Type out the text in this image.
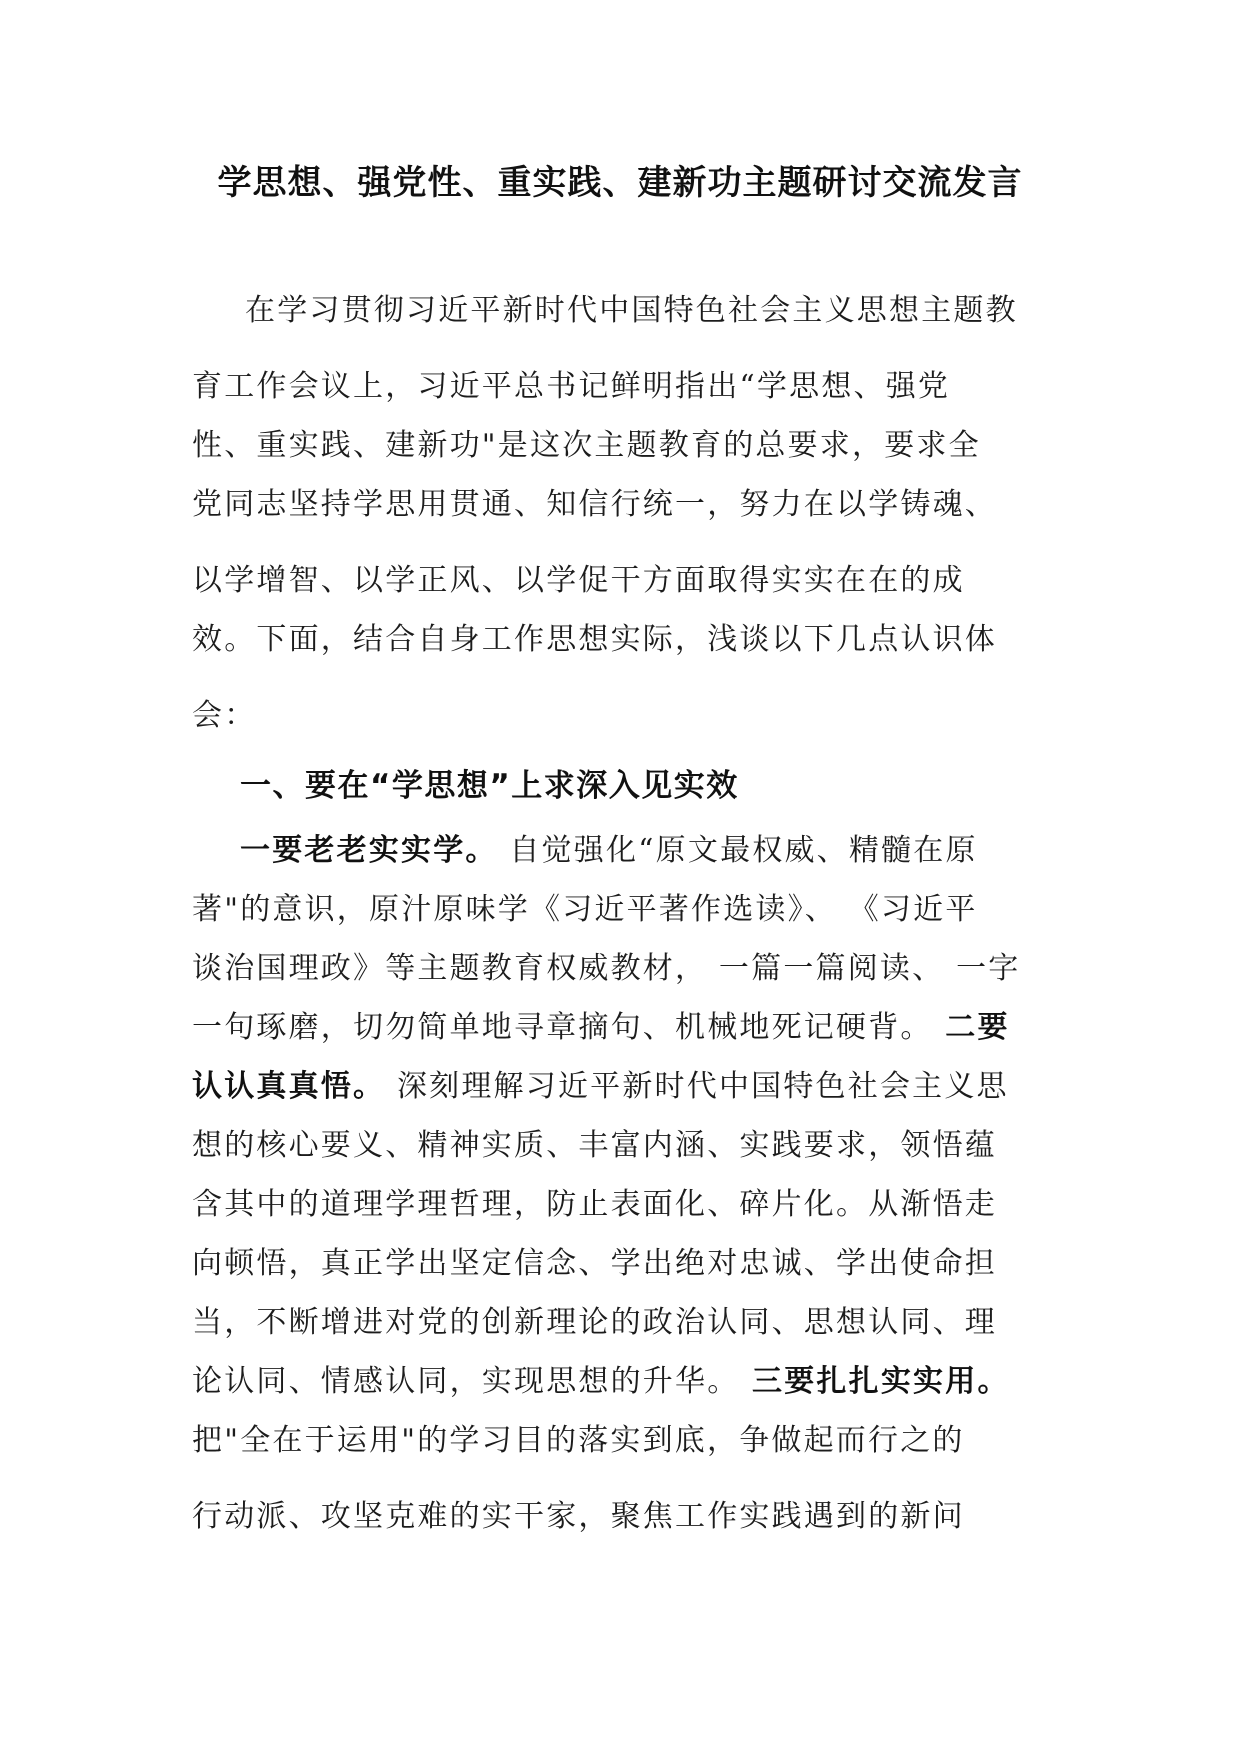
学思想、强党性、重实践、建新功主题研讨交流发言
在学习贯彻习近平新时代中国特色社会主义思想主题教
育工作会议上，习近平总书记鲜明指出“学思想、强党
性、重实践、建新功"是这次主题教育的总要求，要求全
党同志坚持学思用贯通、知信行统一，努力在以学铸魂、
以学增智、以学正风、以学促干方面取得实实在在的成
效。下面，结合自身工作思想实际，浅谈以下几点认识体
会：
一、要在“学思想”上求深入见实效
一要老老实实学。 自觉强化“原文最权威、精髓在原
著"的意识，原汁原味学《习近平著作选读》、 《习近平
谈治国理政》等主题教育权威教材， 一篇一篇阅读、 一字
一句琢磨，切勿简单地寻章摘句、机械地死记硬背。 二要
认认真真悟。 深刻理解习近平新时代中国特色社会主义思
想的核心要义、精神实质、丰富内涵、实践要求，领悟蕴
含其中的道理学理哲理，防止表面化、碎片化。从渐悟走
向顿悟，真正学出坚定信念、学出绝对忠诚、学出使命担
当，不断增进对党的创新理论的政治认同、思想认同、理
论认同、情感认同，实现思想的升华。 三要扎扎实实用。
把"全在于运用"的学习目的落实到底，争做起而行之的
行动派、攻坚克难的实干家，聚焦工作实践遇到的新问
